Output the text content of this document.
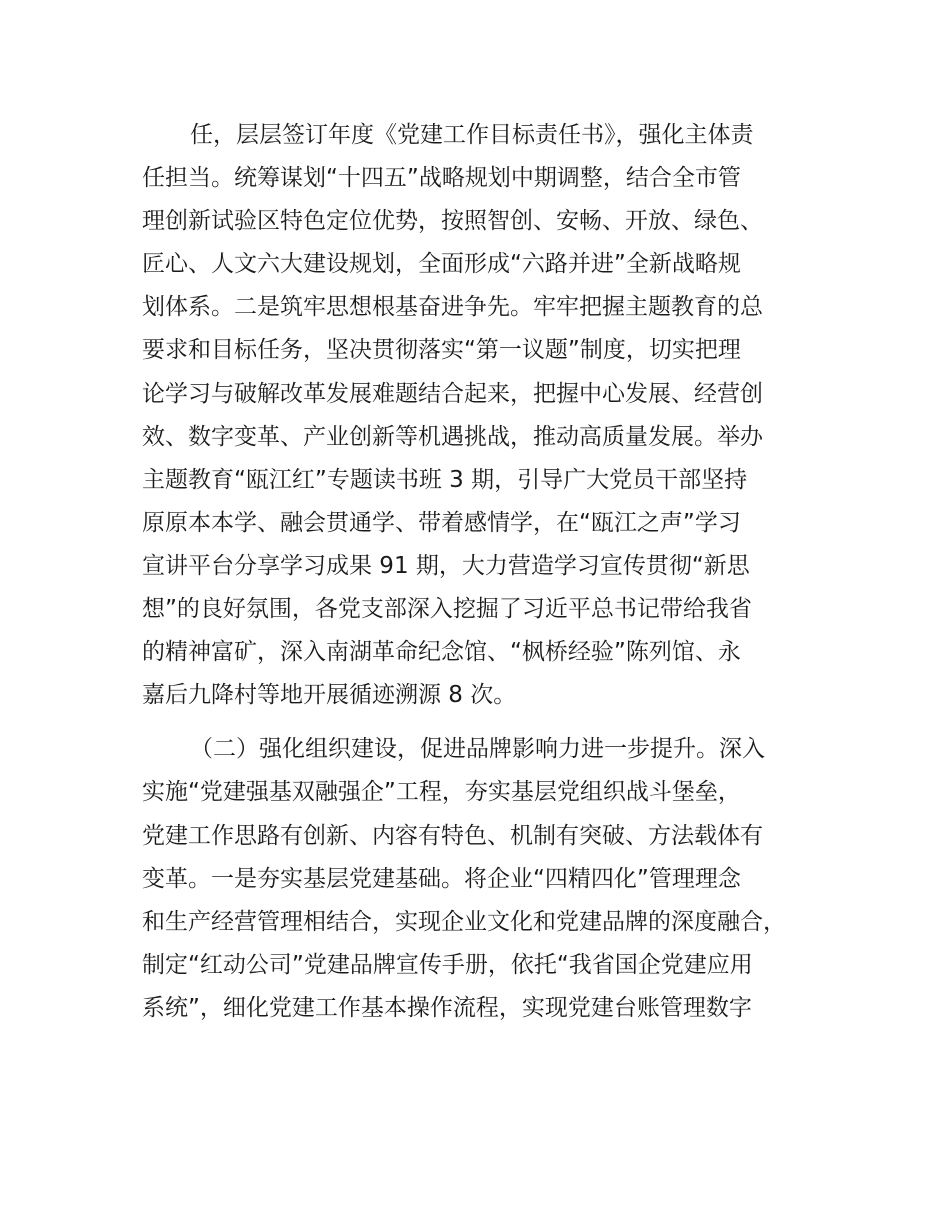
任，层层签订年度《党建工作目标责任书》，强化主体责
任担当。统筹谋划“十四五”战略规划中期调整，结合全市管
理创新试验区特色定位优势，按照智创、安畅、开放、绿色、
匠心、人文六大建设规划，全面形成“六路并进”全新战略规
划体系。二是筑牢思想根基奋进争先。牢牢把握主题教育的总
要求和目标任务，坚决贯彻落实“第一议题”制度，切实把理
论学习与破解改革发展难题结合起来，把握中心发展、经营创
效、数字变革、产业创新等机遇挑战，推动高质量发展。举办
主题教育“瓯江红”专题读书班 3 期，引导广大党员干部坚持
原原本本学、融会贯通学、带着感情学，在“瓯江之声”学习
宣讲平台分享学习成果 91 期，大力营造学习宣传贯彻“新思
想”的良好氛围，各党支部深入挖掘了习近平总书记带给我省
的精神富矿，深入南湖革命纪念馆、“枫桥经验”陈列馆、永
嘉后九降村等地开展循迹溯源 8 次。
（二）强化组织建设，促进品牌影响力进一步提升。深入
实施“党建强基双融强企”工程，夯实基层党组织战斗堡垒，
党建工作思路有创新、内容有特色、机制有突破、方法载体有
变革。一是夯实基层党建基础。将企业“四精四化”管理理念
和生产经营管理相结合，实现企业文化和党建品牌的深度融合，
制定“红动公司”党建品牌宣传手册，依托“我省国企党建应用
系统”，细化党建工作基本操作流程，实现党建台账管理数字
